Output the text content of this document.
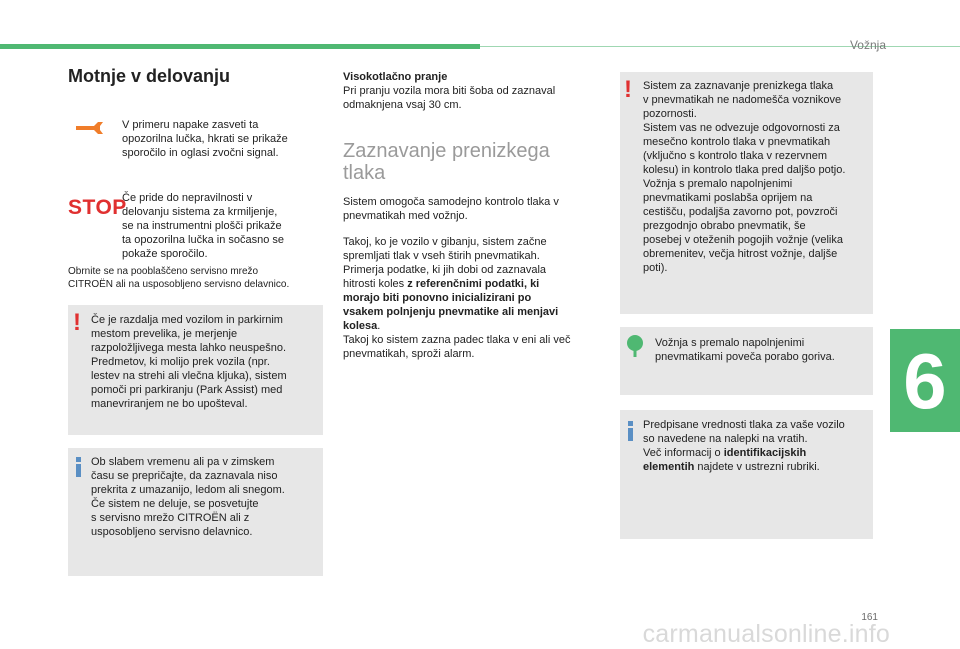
Vožnja
6
161
carmanualsonline.info
Motnje v delovanju
V primeru napake zasveti ta
opozorilna lučka, hkrati se prikaže
sporočilo in oglasi zvočni signal.
STOP
Če pride do nepravilnosti v
delovanju sistema za krmiljenje,
se na instrumentni plošči prikaže
ta opozorilna lučka in sočasno se
pokaže sporočilo.
Obrnite se na pooblaščeno servisno mrežo
CITROËN ali na usposobljeno servisno delavnico.
! Če je razdalja med vozilom in parkirnim
mestom prevelika, je merjenje
razpoložljivega mesta lahko neuspešno.
Predmetov, ki molijo prek vozila (npr.
lestev na strehi ali vlečna kljuka), sistem
pomoči pri parkiranju (Park Assist) med
manevriranjem ne bo upošteval.
Ob slabem vremenu ali pa v zimskem
času se prepričajte, da zaznavala niso
prekrita z umazanijo, ledom ali snegom.
Če sistem ne deluje, se posvetujte
s servisno mrežo CITROËN ali z
usposobljeno servisno delavnico.
Visokotlačno pranje
Pri pranju vozila mora biti šoba od zaznaval
odmaknjena vsaj 30 cm.
Zaznavanje prenizkega
tlaka
Sistem omogoča samodejno kontrolo tlaka v
pnevmatikah med vožnjo.
Takoj, ko je vozilo v gibanju, sistem začne
spremljati tlak v vseh štirih pnevmatikah.
Primerja podatke, ki jih dobi od zaznavala
hitrosti koles z referenčnimi podatki, ki
morajo biti ponovno inicializirani po
vsakem polnjenju pnevmatike ali menjavi
kolesa.
Takoj ko sistem zazna padec tlaka v eni ali več
pnevmatikah, sproži alarm.
! Sistem za zaznavanje prenizkega tlaka
v pnevmatikah ne nadomešča voznikove
pozornosti.
Sistem vas ne odvezuje odgovornosti za
mesečno kontrolo tlaka v pnevmatikah
(vključno s kontrolo tlaka v rezervnem
kolesu) in kontrolo tlaka pred daljšo potjo.
Vožnja s premalo napolnjenimi
pnevmatikami poslabša oprijem na
cestišču, podaljša zavorno pot, povzroči
prezgodnjo obrabo pnevmatik, še
posebej v oteženih pogojih vožnje (velika
obremenitev, večja hitrost vožnje, daljše
poti).
Vožnja s premalo napolnjenimi
pnevmatikami poveča porabo goriva.
Predpisane vrednosti tlaka za vaše vozilo
so navedene na nalepki na vratih.
Več informacij o identifikacijskih
elementih najdete v ustrezni rubriki.
